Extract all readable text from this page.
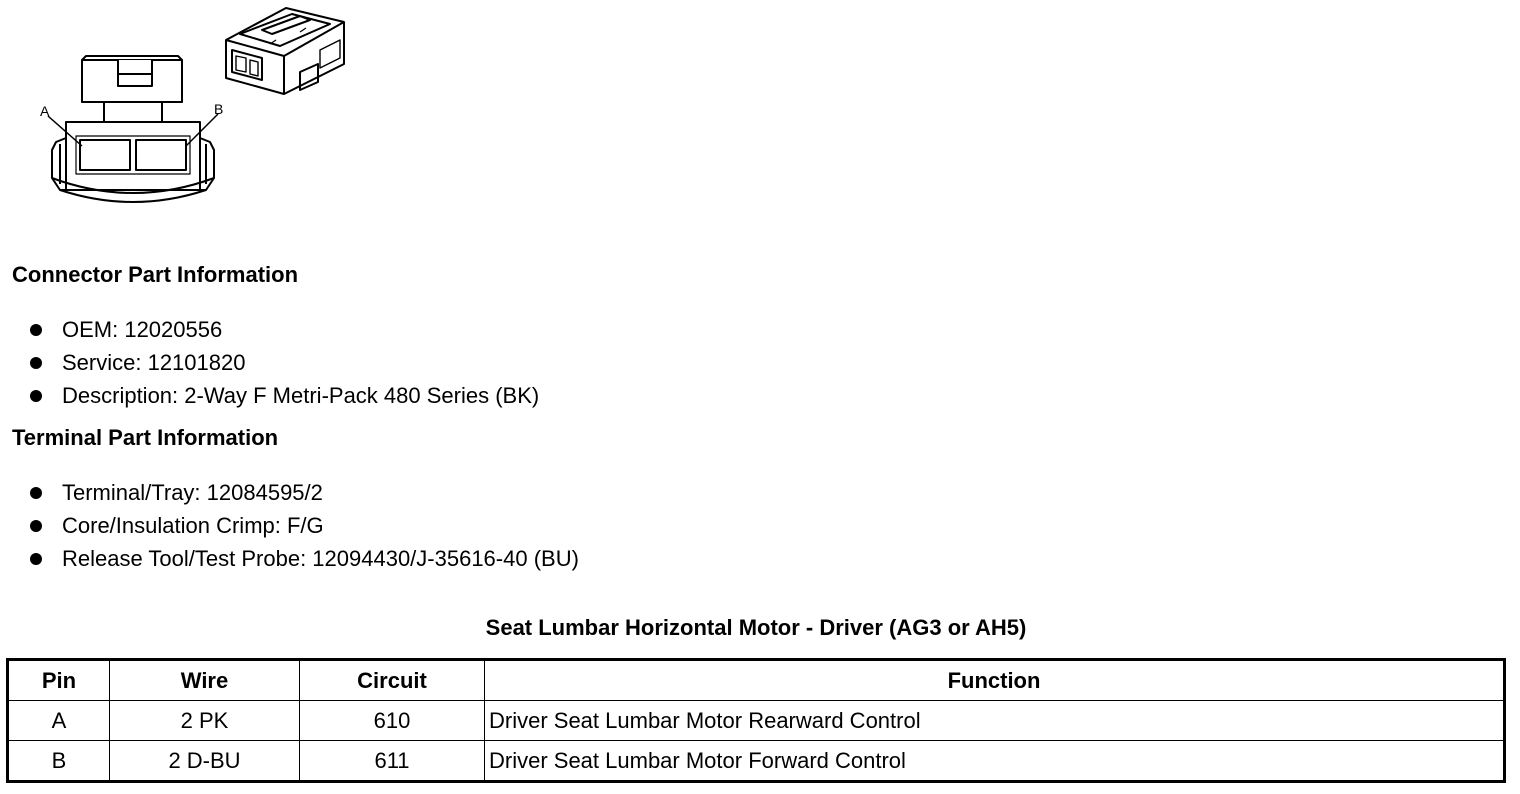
A	B
Connector Part Information
OEM: 12020556
Service: 12101820
Description: 2-Way F Metri-Pack 480 Series (BK)
Terminal Part Information
Terminal/Tray: 12084595/2
Core/Insulation Crimp: F/G
Release Tool/Test Probe: 12094430/J-35616-40 (BU)
Seat Lumbar Horizontal Motor - Driver (AG3 or AH5)
Pin	Wire	Circuit	Function
A	2 PK	610	Driver Seat Lumbar Motor Rearward Control
B	2 D-BU	611	Driver Seat Lumbar Motor Forward Control
